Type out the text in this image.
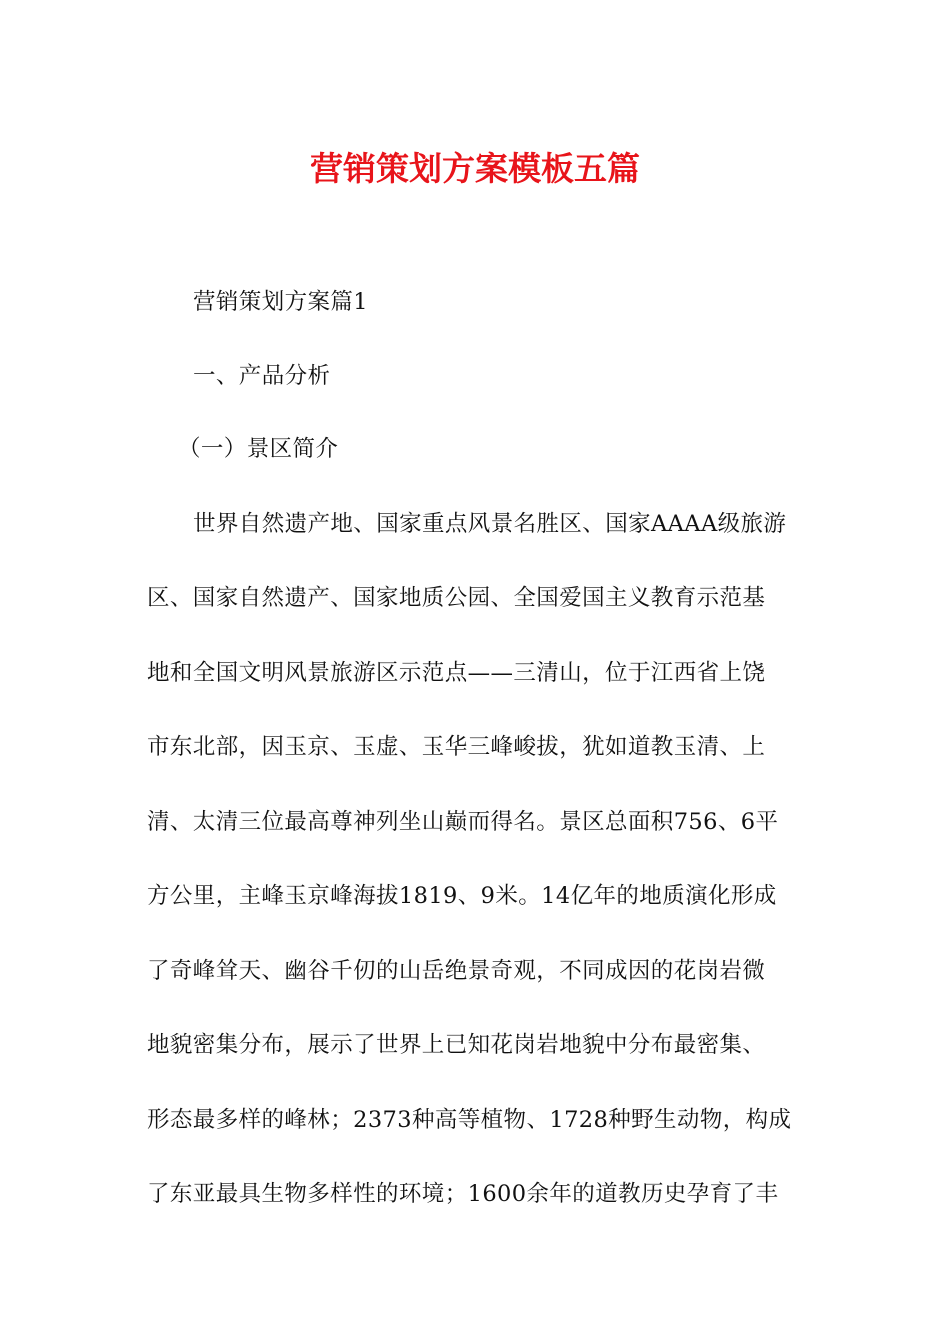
营销策划方案模板五篇
营销策划方案篇1
一、产品分析
（一）景区简介
世界自然遗产地、国家重点风景名胜区、国家AAAA级旅游
区、国家自然遗产、国家地质公园、全国爱国主义教育示范基
地和全国文明风景旅游区示范点——三清山，位于江西省上饶
市东北部，因玉京、玉虚、玉华三峰峻拔，犹如道教玉清、上
清、太清三位最高尊神列坐山巅而得名。景区总面积756、6平
方公里，主峰玉京峰海拔1819、9米。14亿年的地质演化形成
了奇峰耸天、幽谷千仞的山岳绝景奇观，不同成因的花岗岩微
地貌密集分布，展示了世界上已知花岗岩地貌中分布最密集、
形态最多样的峰林；2373种高等植物、1728种野生动物，构成
了东亚最具生物多样性的环境；1600余年的道教历史孕育了丰
